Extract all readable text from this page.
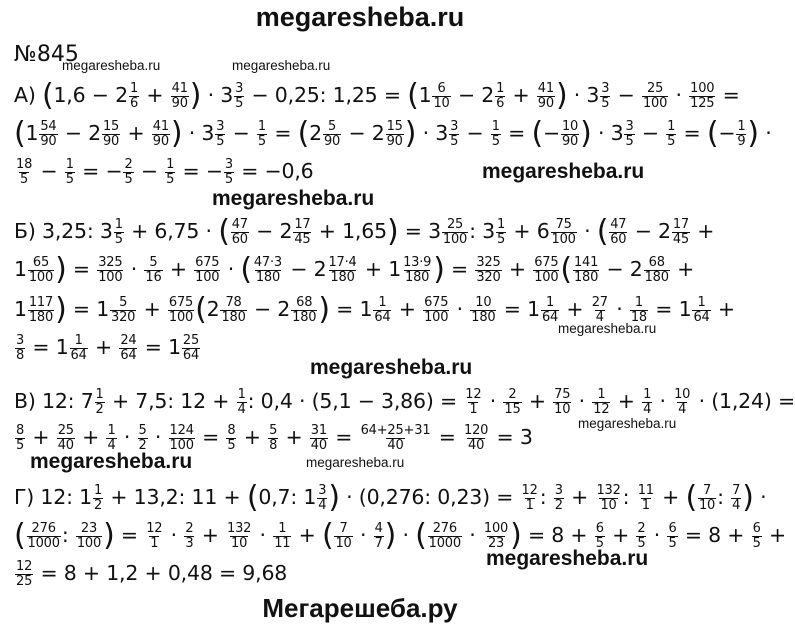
megaresheba.ru
megaresheba.ru	megaresheba.ru
megaresheba.ru
megaresheba.ru
megaresheba.ru
megaresheba.ru
megaresheba.ru
megaresheba.ru	megaresheba.ru
megaresheba.ru
Мегарешеба.ру
№845
А) ($1,6 - 2 \frac{1}{6} + \frac{41}{90}$ ) · $3 \frac{3}{5} - 0,25$: $1,25 = (1 \frac{6}{10} - 2 \frac{1}{6} + \frac{41}{90}$ ) · $3 \frac{3}{5} - \frac{25}{100} \cdot \frac{100}{125}$ =
($1 \frac{54}{90} - 2 \frac{15}{90} + \frac{41}{90}$ ) · $3 \frac{3}{5} - \frac{1}{5} = (2 \frac{5}{90} - 2 \frac{15}{90}$ ) · $3 \frac{3}{5} - \frac{1}{5}$ = (− $\frac{10}{90}$ ) · $3 \frac{3}{5} - \frac{1}{5}$ = (− $\frac{1}{9}$ ) ·
$\frac{18}{5} - \frac{1}{5}$ = − $\frac{2}{5} - \frac{1}{5}$ = − $\frac{3}{5} = -0,6$
Б) 3,25: $3 \frac{1}{5} + 6,75$ · ( $\frac{47}{60} - 2 \frac{17}{45} + 1,65) = 3 \frac{25}{100}$ : $3 \frac{1}{5} + 6 \frac{75}{100}$ · ( $\frac{47}{60} - 2 \frac{17}{45}$ +
$1 \frac{65}{100}$ ) = $\frac{325}{100} \cdot \frac{5}{16} + \frac{675}{100}$ · ( $\frac{47\cdot 3}{180} - 2 \frac{17\cdot 4}{180} + 1 \frac{13\cdot 9}{180}$ ) = $\frac{325}{320} + \frac{675}{100}$ ( $\frac{141}{180} - 2 \frac{68}{180}$ +
$1 \frac{117}{180}$ ) = $1 \frac{5}{320} + \frac{675}{100} (2 \frac{78}{180} - 2 \frac{68}{180}$ ) = $1 \frac{1}{64} + \frac{675}{100} \cdot \frac{10}{180} = 1 \frac{1}{64} + \frac{27}{4} \cdot \frac{1}{18} = 1 \frac{1}{64}$ +
$\frac{3}{8} = 1 \frac{1}{64} + \frac{24}{64} = 1 \frac{25}{64}$
В) 12: $7 \frac{1}{2} + 7,5$: $12 + \frac{1}{4}$ : $0,4 \cdot (5,1 - 3,86) = \frac{12}{1} \cdot \frac{2}{15} + \frac{75}{10} \cdot \frac{1}{12} + \frac{1}{4} \cdot \frac{10}{4} \cdot (1,24)$ =
$\frac{8}{5} + \frac{25}{40} + \frac{1}{4} \cdot \frac{5}{2} \cdot \frac{124}{100} = \frac{8}{5} + \frac{5}{8} + \frac{31}{40} = \frac{64+25+31}{40} = \frac{120}{40} = 3$
Г) 12: $1 \frac{1}{2} + 13,2$: 11 + (0,7: $1 \frac{3}{4}$ ) · (0,276: $0,23) = \frac{12}{1}$ : $\frac{3}{2} + \frac{132}{10}$ : $\frac{11}{1}$ + ( $\frac{7}{10}$ : $\frac{7}{4}$ ) ·
( $\frac{276}{1000}$ : $\frac{23}{100}$ ) = $\frac{12}{1} \cdot \frac{2}{3} + \frac{132}{10} \cdot \frac{1}{11}$ + ( $\frac{7}{10} \cdot \frac{4}{7}$ ) · ( $\frac{276}{1000} \cdot \frac{100}{23}$ ) = $8 + \frac{6}{5} + \frac{2}{5} \cdot \frac{6}{5} = 8 + \frac{6}{5}$ +
$\frac{12}{25} = 8 + 1,2 + 0,48 = 9,68$
